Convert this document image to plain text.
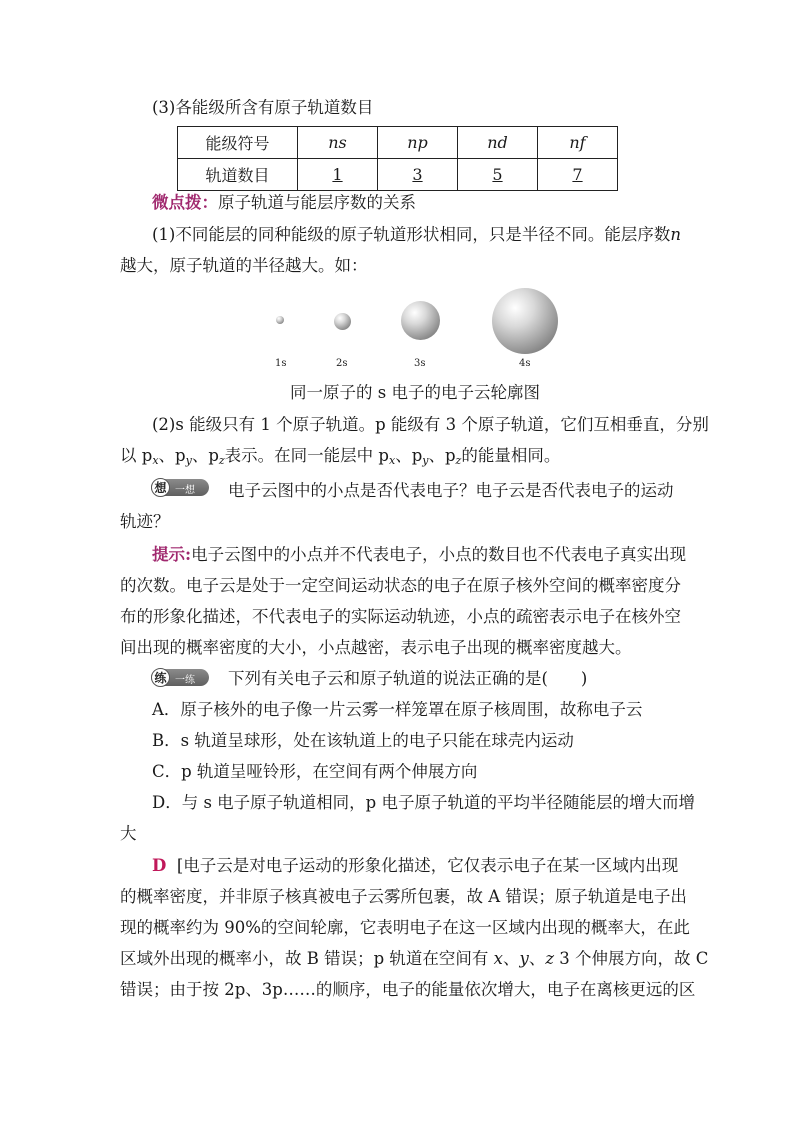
(3)各能级所含有原子轨道数目
能级符号	ns	np	nd	nf
轨道数目	1	3	5	7
微点拨：原子轨道与能层序数的关系
(1)不同能层的同种能级的原子轨道形状相同，只是半径不同。能层序数n
越大，原子轨道的半径越大。如：
1s	2s	3s	4s
同一原子的 s 电子的电子云轮廓图
(2)s 能级只有 1 个原子轨道。p 能级有 3 个原子轨道，它们互相垂直，分别
以 $p_x$、$p_y$、$p_z$表示。在同一能层中 $p_x$、$p_y$、$p_z$的能量相同。
想 一想 电子云图中的小点是否代表电子？电子云是否代表电子的运动
轨迹？
提示:电子云图中的小点并不代表电子，小点的数目也不代表电子真实出现
的次数。电子云是处于一定空间运动状态的电子在原子核外空间的概率密度分
布的形象化描述，不代表电子的实际运动轨迹，小点的疏密表示电子在核外空
间出现的概率密度的大小，小点越密，表示电子出现的概率密度越大。
练 一练 下列有关电子云和原子轨道的说法正确的是(　　)
A．原子核外的电子像一片云雾一样笼罩在原子核周围，故称电子云
B．s 轨道呈球形，处在该轨道上的电子只能在球壳内运动
C．p 轨道呈哑铃形，在空间有两个伸展方向
D．与 s 电子原子轨道相同，p 电子原子轨道的平均半径随能层的增大而增
大
D [电子云是对电子运动的形象化描述，它仅表示电子在某一区域内出现
的概率密度，并非原子核真被电子云雾所包裹，故 A 错误；原子轨道是电子出
现的概率约为 90%的空间轮廓，它表明电子在这一区域内出现的概率大，在此
区域外出现的概率小，故 B 错误；p 轨道在空间有 x、y、z 3 个伸展方向，故 C
错误；由于按 2p、3p……的顺序，电子的能量依次增大，电子在离核更远的区
